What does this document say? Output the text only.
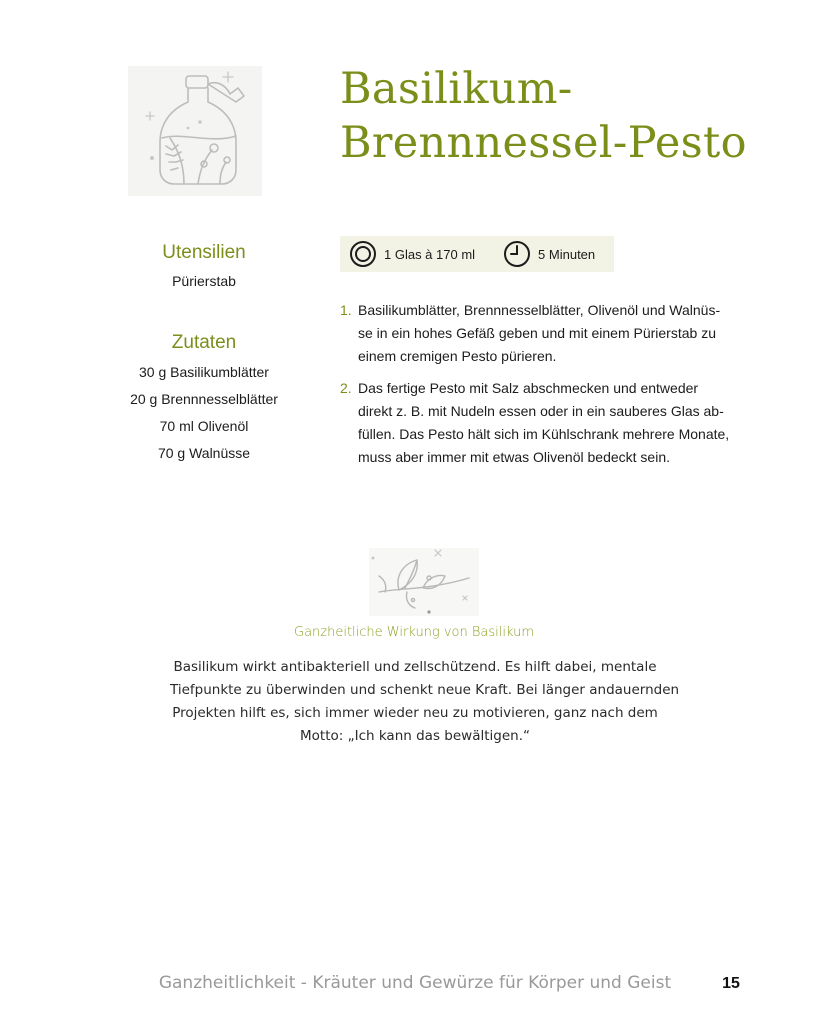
Basilikum-
Brennnessel-Pesto
Utensilien
Pürierstab
Zutaten
30 g Basilikumblätter
20 g Brennnesselblätter
70 ml Olivenöl
70 g Walnüsse
1 Glas à 170 ml	5 Minuten
1. Basilikumblätter, Brennnesselblätter, Olivenöl und Walnüs-
se in ein hohes Gefäß geben und mit einem Pürierstab zu
einem cremigen Pesto pürieren.
2. Das fertige Pesto mit Salz abschmecken und entweder
direkt z. B. mit Nudeln essen oder in ein sauberes Glas ab-
füllen. Das Pesto hält sich im Kühlschrank mehrere Monate,
muss aber immer mit etwas Olivenöl bedeckt sein.
Ganzheitliche Wirkung von Basilikum
Basilikum wirkt antibakteriell und zellschützend. Es hilft dabei, mentale
Tiefpunkte zu überwinden und schenkt neue Kraft. Bei länger andauernden
Projekten hilft es, sich immer wieder neu zu motivieren, ganz nach dem
Motto: „Ich kann das bewältigen.“
Ganzheitlichkeit - Kräuter und Gewürze für Körper und Geist	15
